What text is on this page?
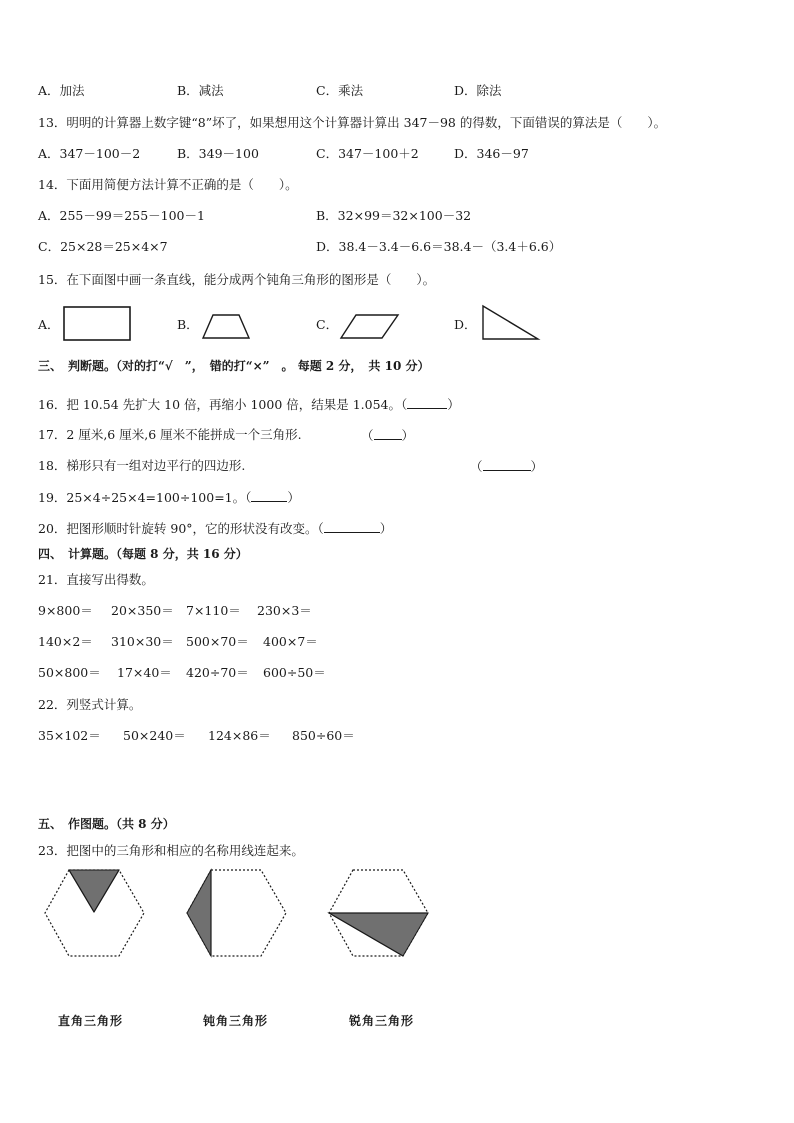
A．加法	B．减法	C．乘法	D．除法
13．明明的计算器上数字键“8”坏了，如果想用这个计算器计算出 347－98 的得数，下面错误的算法是（　　）。
A．347－100－2	B．349－100	C．347－100＋2	D．346－97
14．下面用简便方法计算不正确的是（　　）。
A．255－99＝255－100－1	B．32×99＝32×100－32
C．25×28＝25×4×7	D．38.4－3.4－6.6＝38.4－（3.4＋6.6）
15．在下面图中画一条直线，能分成两个钝角三角形的图形是（　　）。
A．	B．	C．	D．
三、　判断题。（对的打“√　”，　错的打“×”　。 每题 2 分，　共 10 分）
16．把 10.54 先扩大 10 倍，再缩小 1000 倍，结果是 1.054。（	）
17．2 厘米,6 厘米,6 厘米不能拼成一个三角形.	（ ）
18．梯形只有一组对边平行的四边形.	（	）
19．25×4÷25×4=100÷100=1。（	）
20．把图形顺时针旋转 90°，它的形状没有改变。（	）
四、　计算题。（每题 8 分，共 16 分）
21．直接写出得数。
9×800＝ 20×350＝ 7×110＝ 230×3＝
140×2＝ 310×30＝ 500×70＝ 400×7＝
50×800＝ 17×40＝ 420÷70＝ 600÷50＝
22．列竖式计算。
35×102＝ 50×240＝ 124×86＝ 850÷60＝
五、　作图题。（共 8 分）
23．把图中的三角形和相应的名称用线连起来。
直角三角形	钝角三角形	锐角三角形
